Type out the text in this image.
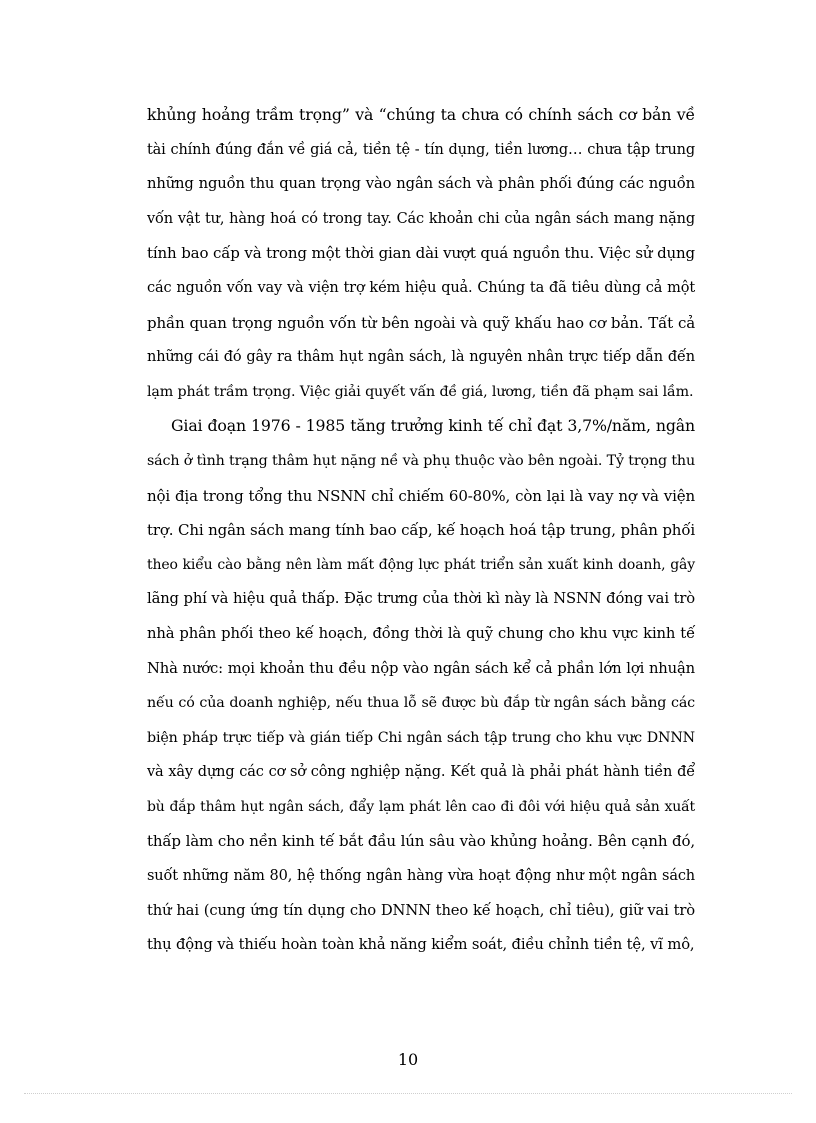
khủng hoảng trầm trọng” và “chúng ta chưa có chính sách cơ bản về
tài chính đúng đắn về giá cả, tiền tệ - tín dụng, tiền lương… chưa tập trung
những nguồn thu quan trọng vào ngân sách và phân phối đúng các nguồn
vốn vật tư, hàng hoá có trong tay. Các khoản chi của ngân sách mang nặng
tính bao cấp và trong một thời gian dài vượt quá nguồn thu. Việc sử dụng
các nguồn vốn vay và viện trợ kém hiệu quả. Chúng ta đã tiêu dùng cả một
phần quan trọng nguồn vốn từ bên ngoài và quỹ khấu hao cơ bản. Tất cả
những cái đó gây ra thâm hụt ngân sách, là nguyên nhân trực tiếp dẫn đến
lạm phát trầm trọng. Việc giải quyết vấn đề giá, lương, tiền đã phạm sai lầm.
Giai đoạn 1976 - 1985 tăng trưởng kinh tế chỉ đạt 3,7%/năm, ngân
sách ở tình trạng thâm hụt nặng nề và phụ thuộc vào bên ngoài. Tỷ trọng thu
nội địa trong tổng thu NSNN chỉ chiếm 60-80%, còn lại là vay nợ và viện
trợ. Chi ngân sách mang tính bao cấp, kế hoạch hoá tập trung, phân phối
theo kiểu cào bằng nên làm mất động lực phát triển sản xuất kinh doanh, gây
lãng phí và hiệu quả thấp. Đặc trưng của thời kì này là NSNN đóng vai trò
nhà phân phối theo kế hoạch, đồng thời là quỹ chung cho khu vực kinh tế
Nhà nước: mọi khoản thu đều nộp vào ngân sách kể cả phần lớn lợi nhuận
nếu có của doanh nghiệp, nếu thua lỗ sẽ được bù đắp từ ngân sách bằng các
biện pháp trực tiếp và gián tiếp Chi ngân sách tập trung cho khu vực DNNN
và xây dựng các cơ sở công nghiệp nặng. Kết quả là phải phát hành tiền để
bù đắp thâm hụt ngân sách, đẩy lạm phát lên cao đi đôi với hiệu quả sản xuất
thấp làm cho nền kinh tế bắt đầu lún sâu vào khủng hoảng. Bên cạnh đó,
suốt những năm 80, hệ thống ngân hàng vừa hoạt động như một ngân sách
thứ hai (cung ứng tín dụng cho DNNN theo kế hoạch, chỉ tiêu), giữ vai trò
thụ động và thiếu hoàn toàn khả năng kiểm soát, điều chỉnh tiền tệ, vĩ mô,
10
